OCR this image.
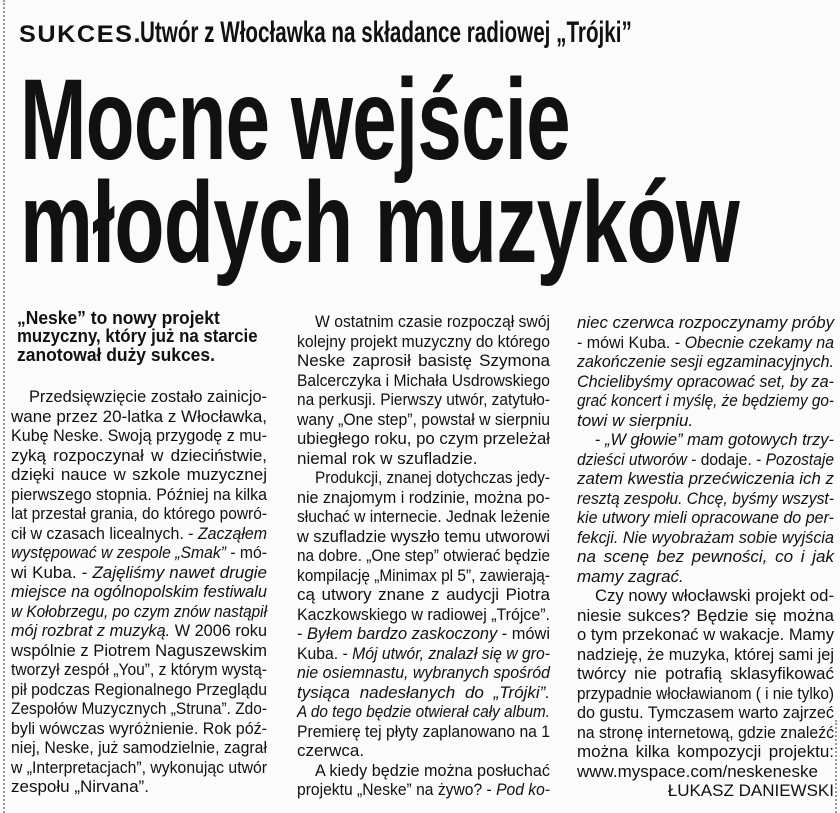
SUKCES.Utwór z Włocławka na składance radiowej „Trójki”
Mocne wejście
młodych muzyków
„Neske” to nowy projekt
muzyczny, który już na starcie
zanotował duży sukces.
Przedsięwzięcie zostało zainicjo-
wane przez 20-latka z Włocławka,
Kubę Neske. Swoją przygodę z mu-
zyką rozpoczynał w dzieciństwie,
dzięki nauce w szkole muzycznej
pierwszego stopnia. Później na kilka
lat przestał grania, do którego powró-
cił w czasach licealnych. - Zacząłem
występować w zespole „Smak” - mó-
wi Kuba. - Zajęliśmy nawet drugie
miejsce na ogólnopolskim festiwalu
w Kołobrzegu, po czym znów nastąpił
mój rozbrat z muzyką. W 2006 roku
wspólnie z Piotrem Naguszewskim
tworzył zespół „You”, z którym wystą-
pił podczas Regionalnego Przeglądu
Zespołów Muzycznych „Struna”. Zdo-
byli wówczas wyróżnienie. Rok póź-
niej, Neske, już samodzielnie, zagrał
w „Interpretacjach”, wykonując utwór
zespołu „Nirvana”.
W ostatnim czasie rozpoczął swój
kolejny projekt muzyczny do którego
Neske zaprosił basistę Szymona
Balcerczyka i Michała Usdrowskiego
na perkusji. Pierwszy utwór, zatytuło-
wany „One step”, powstał w sierpniu
ubiegłego roku, po czym przeleżał
niemal rok w szufladzie.
Produkcji, znanej dotychczas jedy-
nie znajomym i rodzinie, można po-
słuchać w internecie. Jednak leżenie
w szufladzie wyszło temu utworowi
na dobre. „One step” otwierać będzie
kompilację „Minimax pl 5”, zawierają-
cą utwory znane z audycji Piotra
Kaczkowskiego w radiowej „Trójce”.
- Byłem bardzo zaskoczony - mówi
Kuba. - Mój utwór, znalazł się w gro-
nie osiemnastu, wybranych spośród
tysiąca nadesłanych do „Trójki”.
A do tego będzie otwierał cały album.
Premierę tej płyty zaplanowano na 1
czerwca.
A kiedy będzie można posłuchać
projektu „Neske” na żywo? - Pod ko-
niec czerwca rozpoczynamy próby
- mówi Kuba. - Obecnie czekamy na
zakończenie sesji egzaminacyjnych.
Chcielibyśmy opracować set, by za-
grać koncert i myślę, że będziemy go-
towi w sierpniu.
- „W głowie” mam gotowych trzy-
dzieści utworów - dodaje. - Pozostaje
zatem kwestia przećwiczenia ich z
resztą zespołu. Chcę, byśmy wszyst-
kie utwory mieli opracowane do per-
fekcji. Nie wyobrażam sobie wyjścia
na scenę bez pewności, co i jak
mamy zagrać.
Czy nowy włocławski projekt od-
niesie sukces? Będzie się można
o tym przekonać w wakacje. Mamy
nadzieję, że muzyka, której sami jej
twórcy nie potrafią sklasyfikować
przypadnie włocławianom ( i nie tylko)
do gustu. Tymczasem warto zajrzeć
na stronę internetową, gdzie znaleźć
można kilka kompozycji projektu:
www.myspace.com/neskeneske
ŁUKASZ DANIEWSKI
